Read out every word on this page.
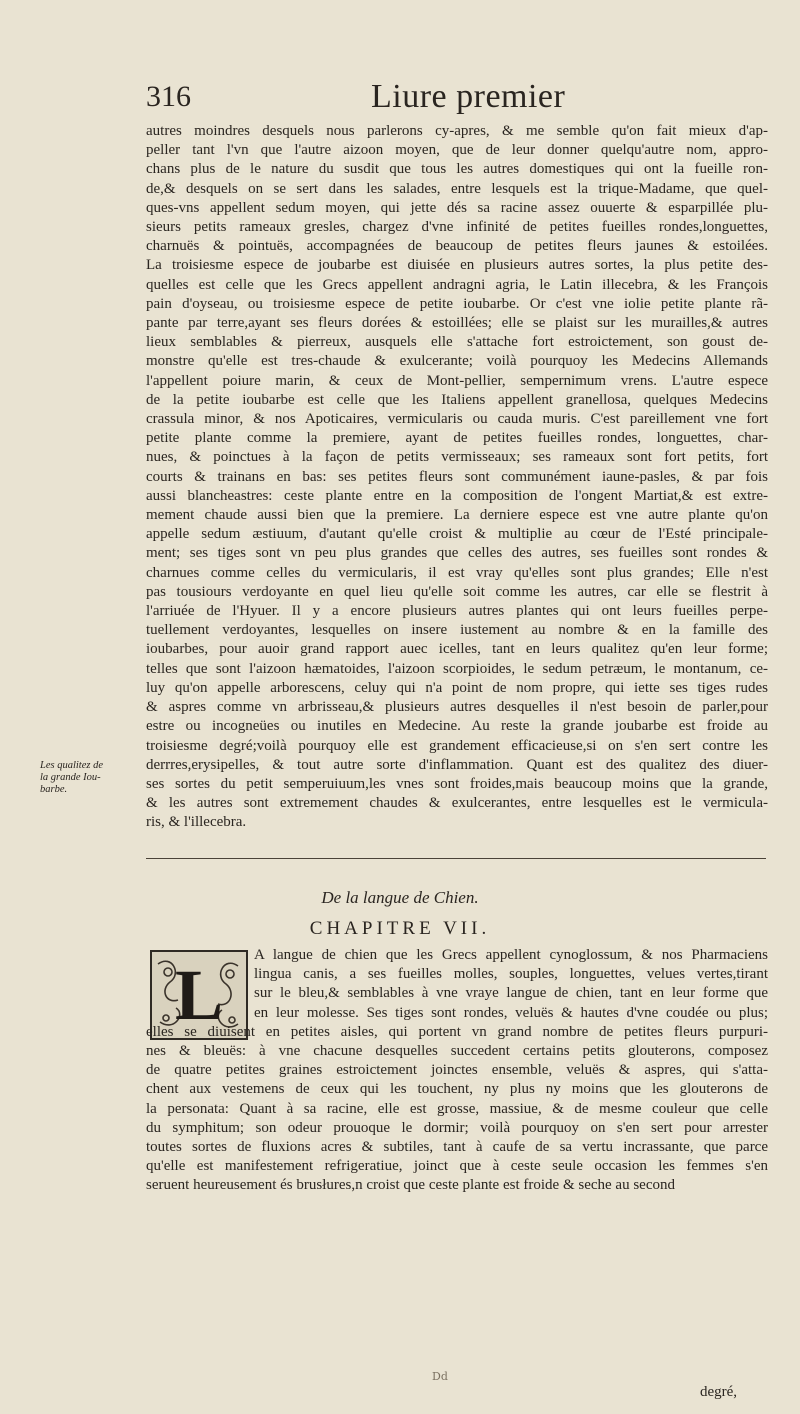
316	Liure premier
autres moindres desquels nous parlerons cy-apres, & me semble qu'on fait mieux d'ap-
peller tant l'vn que l'autre aizoon moyen, que de leur donner quelqu'autre nom, appro-
chans plus de le nature du susdit que tous les autres domestiques qui ont la fueille ron-
de,& desquels on se sert dans les salades, entre lesquels est la trique-Madame, que quel-
ques-vns appellent sedum moyen, qui jette dés sa racine assez ouuerte & esparpillée plu-
sieurs petits rameaux gresles, chargez d'vne infinité de petites fueilles rondes,longuettes,
charnuës & pointuës, accompagnées de beaucoup de petites fleurs jaunes & estoilées.
La troisiesme espece de joubarbe est diuisée en plusieurs autres sortes, la plus petite des-
quelles est celle que les Grecs appellent andragni agria, le Latin illecebra, & les François
pain d'oyseau, ou troisiesme espece de petite ioubarbe. Or c'est vne iolie petite plante rã-
pante par terre,ayant ses fleurs dorées & estoillées; elle se plaist sur les murailles,& autres
lieux semblables & pierreux, ausquels elle s'attache fort estroictement, son goust de-
monstre qu'elle est tres-chaude & exulcerante; voilà pourquoy les Medecins Allemands
l'appellent poiure marin, & ceux de Mont-pellier, sempernimum vrens. L'autre espece
de la petite ioubarbe est celle que les Italiens appellent granellosa, quelques Medecins
crassula minor, & nos Apoticaires, vermicularis ou cauda muris. C'est pareillement vne fort
petite plante comme la premiere, ayant de petites fueilles rondes, longuettes, char-
nues, & poinctues à la façon de petits vermisseaux; ses rameaux sont fort petits, fort
courts & trainans en bas: ses petites fleurs sont communément iaune-pasles, & par fois
aussi blancheastres: ceste plante entre en la composition de l'ongent Martiat,& est extre-
mement chaude aussi bien que la premiere. La derniere espece est vne autre plante qu'on
appelle sedum æstiuum, d'autant qu'elle croist & multiplie au cœur de l'Esté principale-
ment; ses tiges sont vn peu plus grandes que celles des autres, ses fueilles sont rondes &
charnues comme celles du vermicularis, il est vray qu'elles sont plus grandes; Elle n'est
pas tousiours verdoyante en quel lieu qu'elle soit comme les autres, car elle se flestrit à
l'arriuée de l'Hyuer. Il y a encore plusieurs autres plantes qui ont leurs fueilles perpe-
tuellement verdoyantes, lesquelles on insere iustement au nombre & en la famille des
ioubarbes, pour auoir grand rapport auec icelles, tant en leurs qualitez qu'en leur forme;
telles que sont l'aizoon hæmatoides, l'aizoon scorpioides, le sedum petræum, le montanum, ce-
luy qu'on appelle arborescens, celuy qui n'a point de nom propre, qui iette ses tiges rudes
& aspres comme vn arbrisseau,& plusieurs autres desquelles il n'est besoin de parler,pour
estre ou incogneües ou inutiles en Medecine. Au reste la grande joubarbe est froide au
troisiesme degré;voilà pourquoy elle est grandement efficacieuse,si on s'en sert contre les
derrres,erysipelles, & tout autre sorte d'inflammation. Quant est des qualitez des diuer-
ses sortes du petit semperuiuum,les vnes sont froides,mais beaucoup moins que la grande,
& les autres sont extremement chaudes & exulcerantes, entre lesquelles est le vermicula-
ris, & l'illecebra.
Les qualitez de
la grande Iou-
barbe.
De la langue de Chien.
CHAPITRE VII.
L	A langue de chien que les Grecs appellent cynoglossum, & nos Pharmaciens
lingua canis, a ses fueilles molles, souples, longuettes, velues vertes,tirant
sur le bleu,& semblables à vne vraye langue de chien, tant en leur forme que
en leur molesse. Ses tiges sont rondes, veluës & hautes d'vne coudée ou plus;
elles se diuisent en petites aisles, qui portent vn grand nombre de petites fleurs purpuri-
nes & bleuës: à vne chacune desquelles succedent certains petits glouterons, composez
de quatre petites graines estroictement joinctes ensemble, veluës & aspres, qui s'atta-
chent aux vestemens de ceux qui les touchent, ny plus ny moins que les glouterons de
la personata: Quant à sa racine, elle est grosse, massiue, & de mesme couleur que celle
du symphitum; son odeur prouoque le dormir; voilà pourquoy on s'en sert pour arrester
toutes sortes de fluxions acres & subtiles, tant à caufe de sa vertu incrassante, que parce
qu'elle est manifestement refrigeratiue, joinct que à ceste seule occasion les femmes s'en
seruent heureusement és brusłures,n croist que ceste plante est froide & seche au second
Dd
degré,
